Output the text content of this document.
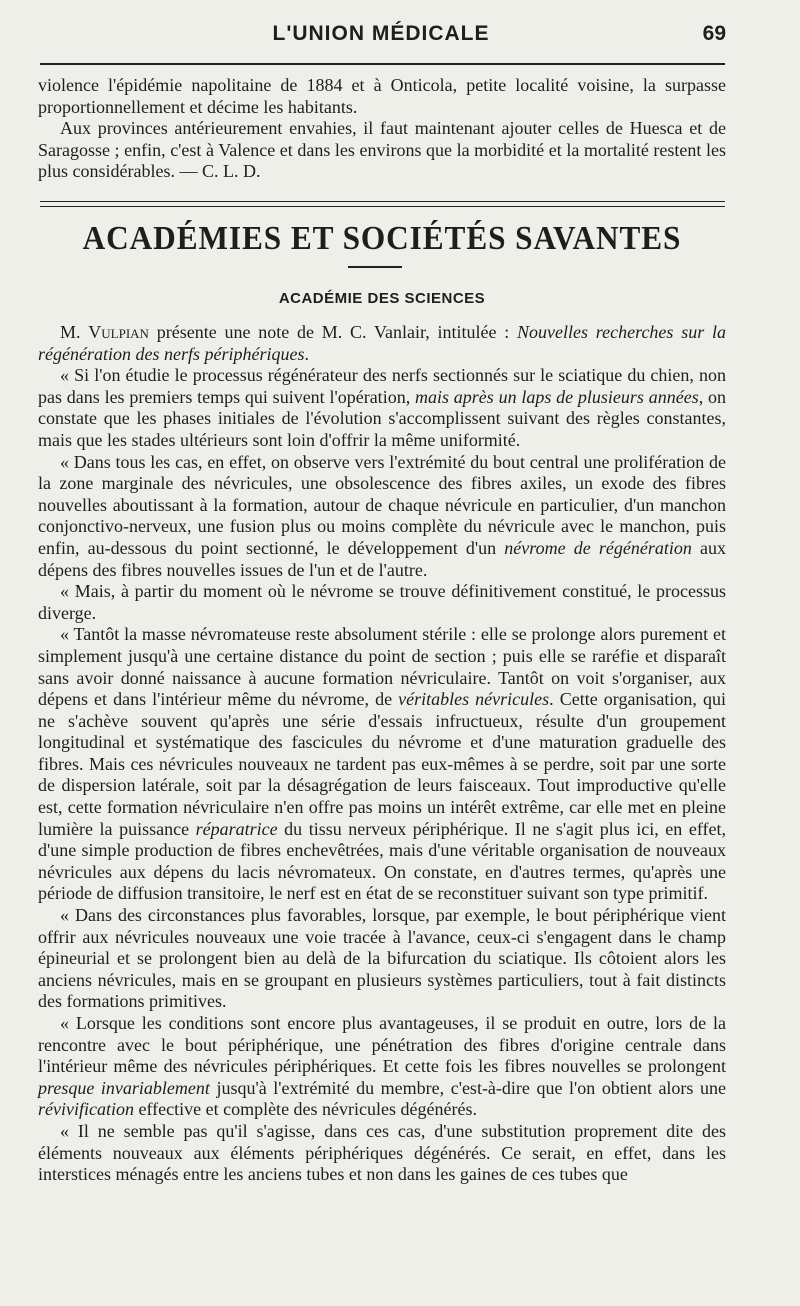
L'UNION MÉDICALE	69

violence l'épidémie napolitaine de 1884 et à Onticola, petite localité voisine, la surpasse proportionnellement et décime les habitants.

Aux provinces antérieurement envahies, il faut maintenant ajouter celles de Huesca et de Saragosse ; enfin, c'est à Valence et dans les environs que la morbidité et la mortalité restent les plus considérables. — C. L. D.

ACADÉMIES ET SOCIÉTÉS SAVANTES
ACADÉMIE DES SCIENCES

M. Vulpian présente une note de M. C. Vanlair, intitulée : Nouvelles recherches sur la régénération des nerfs périphériques.

« Si l'on étudie le processus régénérateur des nerfs sectionnés sur le sciatique du chien, non pas dans les premiers temps qui suivent l'opération, mais après un laps de plusieurs années, on constate que les phases initiales de l'évolution s'accomplissent suivant des règles constantes, mais que les stades ultérieurs sont loin d'offrir la même uniformité.

« Dans tous les cas, en effet, on observe vers l'extrémité du bout central une prolifération de la zone marginale des névricules, une obsolescence des fibres axiles, un exode des fibres nouvelles aboutissant à la formation, autour de chaque névricule en particulier, d'un manchon conjonctivo-nerveux, une fusion plus ou moins complète du névricule avec le manchon, puis enfin, au-dessous du point sectionné, le développement d'un névrome de régénération aux dépens des fibres nouvelles issues de l'un et de l'autre.

« Mais, à partir du moment où le névrome se trouve définitivement constitué, le processus diverge.

« Tantôt la masse névromateuse reste absolument stérile : elle se prolonge alors purement et simplement jusqu'à une certaine distance du point de section ; puis elle se raréfie et disparaît sans avoir donné naissance à aucune formation névriculaire. Tantôt on voit s'organiser, aux dépens et dans l'intérieur même du névrome, de véritables névricules. Cette organisation, qui ne s'achève souvent qu'après une série d'essais infructueux, résulte d'un groupement longitudinal et systématique des fascicules du névrome et d'une maturation graduelle des fibres. Mais ces névricules nouveaux ne tardent pas eux-mêmes à se perdre, soit par une sorte de dispersion latérale, soit par la désagrégation de leurs faisceaux. Tout improductive qu'elle est, cette formation névriculaire n'en offre pas moins un intérêt extrême, car elle met en pleine lumière la puissance réparatrice du tissu nerveux périphérique. Il ne s'agit plus ici, en effet, d'une simple production de fibres enchevêtrées, mais d'une véritable organisation de nouveaux névricules aux dépens du lacis névromateux. On constate, en d'autres termes, qu'après une période de diffusion transitoire, le nerf est en état de se reconstituer suivant son type primitif.

« Dans des circonstances plus favorables, lorsque, par exemple, le bout périphérique vient offrir aux névricules nouveaux une voie tracée à l'avance, ceux-ci s'engagent dans le champ épineurial et se prolongent bien au delà de la bifurcation du sciatique. Ils côtoient alors les anciens névricules, mais en se groupant en plusieurs systèmes particuliers, tout à fait distincts des formations primitives.

« Lorsque les conditions sont encore plus avantageuses, il se produit en outre, lors de la rencontre avec le bout périphérique, une pénétration des fibres d'origine centrale dans l'intérieur même des névricules périphériques. Et cette fois les fibres nouvelles se prolongent presque invariablement jusqu'à l'extrémité du membre, c'est-à-dire que l'on obtient alors une révivification effective et complète des névricules dégénérés.

« Il ne semble pas qu'il s'agisse, dans ces cas, d'une substitution proprement dite des éléments nouveaux aux éléments périphériques dégénérés. Ce serait, en effet, dans les interstices ménagés entre les anciens tubes et non dans les gaines de ces tubes que
